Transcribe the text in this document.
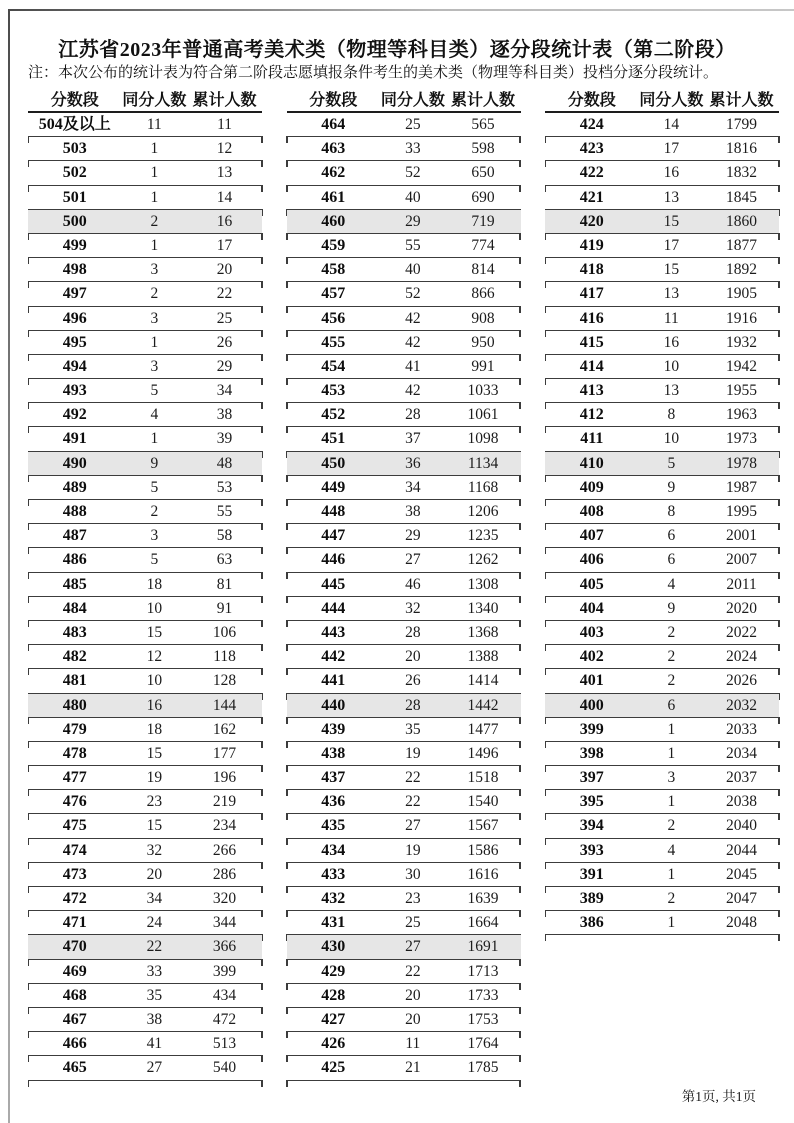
江苏省2023年普通高考美术类（物理等科目类）逐分段统计表（第二阶段）
注：本次公布的统计表为符合第二阶段志愿填报条件考生的美术类（物理等科目类）投档分逐分段统计。
分数段	同分人数 累计人数
504及以上	11	11
503	1	12
502	1	13
501	1	14
500	2	16
499	1	17
498	3	20
497	2	22
496	3	25
495	1	26
494	3	29
493	5	34
492	4	38
491	1	39
490	9	48
489	5	53
488	2	55
487	3	58
486	5	63
485	18	81
484	10	91
483	15	106
482	12	118
481	10	128
480	16	144
479	18	162
478	15	177
477	19	196
476	23	219
475	15	234
474	32	266
473	20	286
472	34	320
471	24	344
470	22	366
469	33	399
468	35	434
467	38	472
466	41	513
465	27	540
分数段	同分人数 累计人数
464	25	565
463	33	598
462	52	650
461	40	690
460	29	719
459	55	774
458	40	814
457	52	866
456	42	908
455	42	950
454	41	991
453	42	1033
452	28	1061
451	37	1098
450	36	1134
449	34	1168
448	38	1206
447	29	1235
446	27	1262
445	46	1308
444	32	1340
443	28	1368
442	20	1388
441	26	1414
440	28	1442
439	35	1477
438	19	1496
437	22	1518
436	22	1540
435	27	1567
434	19	1586
433	30	1616
432	23	1639
431	25	1664
430	27	1691
429	22	1713
428	20	1733
427	20	1753
426	11	1764
425	21	1785
分数段	同分人数 累计人数
424	14	1799
423	17	1816
422	16	1832
421	13	1845
420	15	1860
419	17	1877
418	15	1892
417	13	1905
416	11	1916
415	16	1932
414	10	1942
413	13	1955
412	8	1963
411	10	1973
410	5	1978
409	9	1987
408	8	1995
407	6	2001
406	6	2007
405	4	2011
404	9	2020
403	2	2022
402	2	2024
401	2	2026
400	6	2032
399	1	2033
398	1	2034
397	3	2037
395	1	2038
394	2	2040
393	4	2044
391	1	2045
389	2	2047
386	1	2048
第1页, 共1页
